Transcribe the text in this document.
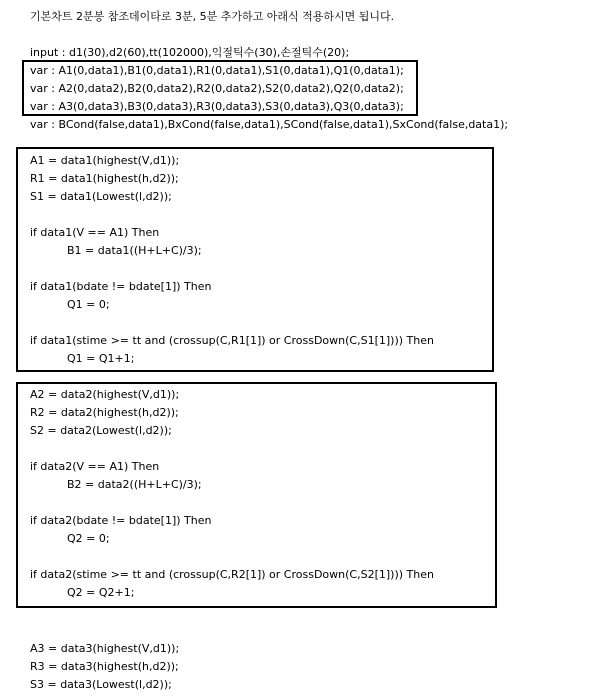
기본차트 2분봉 참조데이타로 3분, 5분 추가하고 아래식 적용하시면 됩니다.
input : d1(30),d2(60),tt(102000),익절틱수(30),손절틱수(20);
var : A1(0,data1),B1(0,data1),R1(0,data1),S1(0,data1),Q1(0,data1);
var : A2(0,data2),B2(0,data2),R2(0,data2),S2(0,data2),Q2(0,data2);
var : A3(0,data3),B3(0,data3),R3(0,data3),S3(0,data3),Q3(0,data3);
var : BCond(false,data1),BxCond(false,data1),SCond(false,data1),SxCond(false,data1);
A1 = data1(highest(V,d1));
R1 = data1(highest(h,d2));
S1 = data1(Lowest(l,d2));
if data1(V == A1) Then
B1 = data1((H+L+C)/3);
if data1(bdate != bdate[1]) Then
Q1 = 0;
if data1(stime >= tt and (crossup(C,R1[1]) or CrossDown(C,S1[1]))) Then
Q1 = Q1+1;
A2 = data2(highest(V,d1));
R2 = data2(highest(h,d2));
S2 = data2(Lowest(l,d2));
if data2(V == A1) Then
B2 = data2((H+L+C)/3);
if data2(bdate != bdate[1]) Then
Q2 = 0;
if data2(stime >= tt and (crossup(C,R2[1]) or CrossDown(C,S2[1]))) Then
Q2 = Q2+1;
A3 = data3(highest(V,d1));
R3 = data3(highest(h,d2));
S3 = data3(Lowest(l,d2));
